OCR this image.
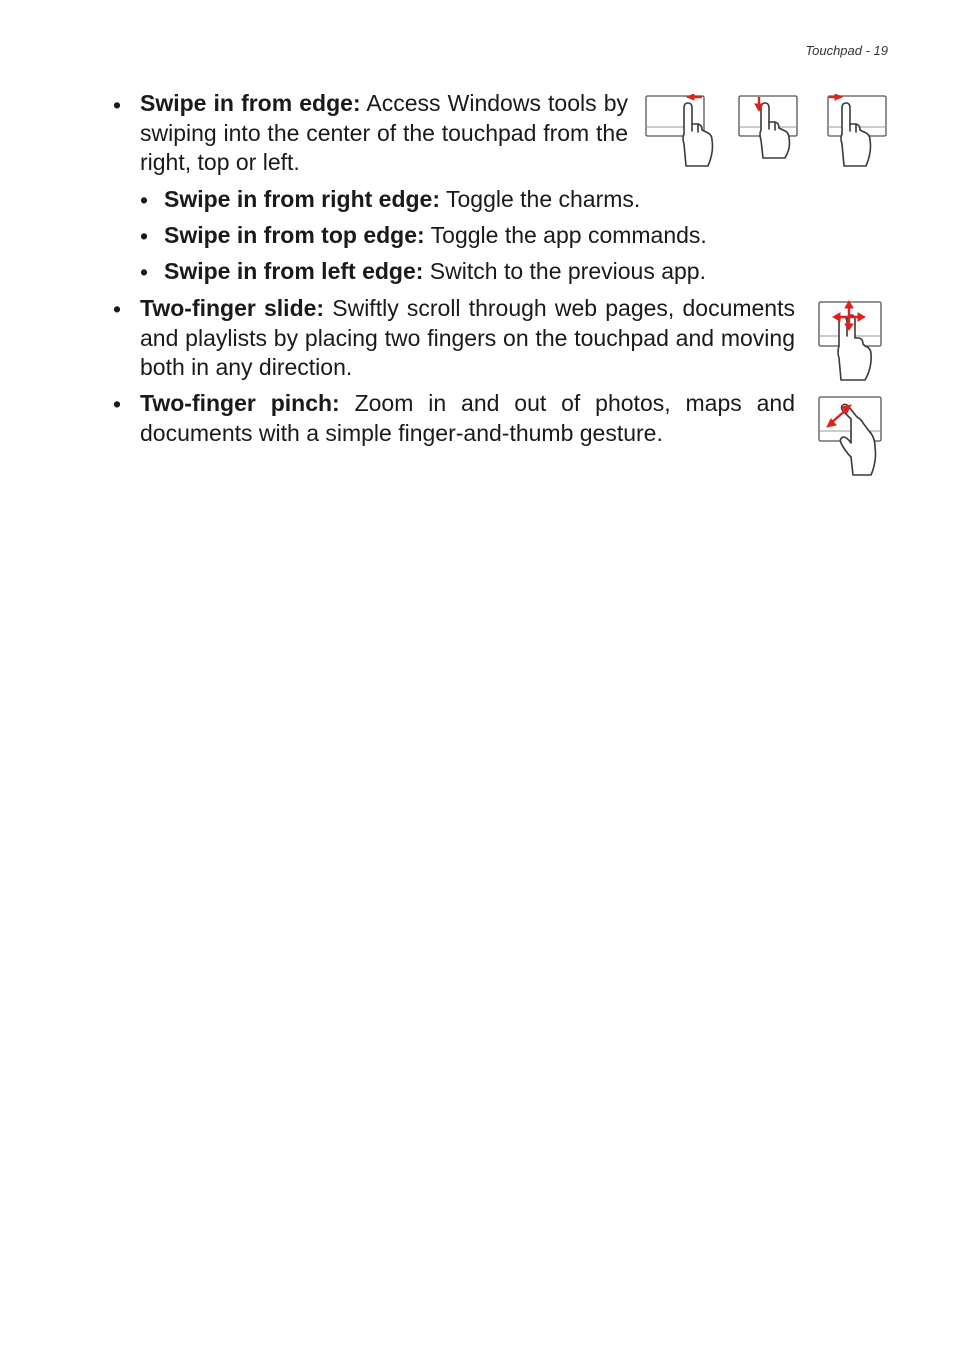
Touchpad - 19
• Swipe in from edge: Access Windows tools by swiping into the center of the touchpad from the right, top or left.

• Swipe in from right edge: Toggle the charms.
• Swipe in from top edge: Toggle the app commands.
• Swipe in from left edge: Switch to the previous app.
• Two-finger slide: Swiftly scroll through web pages, documents and playlists by placing two fingers on the touchpad and moving both in any direction.

• Two-finger pinch: Zoom in and out of photos, maps and documents with a simple finger-and-thumb gesture.
